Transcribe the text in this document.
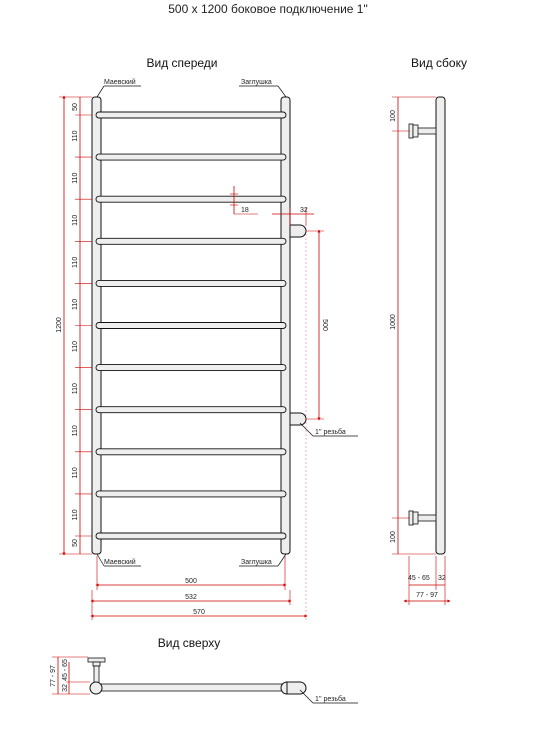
500 x 1200 боковое подключение 1"
Вид спереди
Маевский	Заглушка
Маевский	Заглушка
1200
50
50
110
110
110
110
110
110
110
110
110
110
18	32
500
1'' резьба
500
532
570
Вид сбоку
100
1000
100
45 - 65 32
77 - 97
Вид сверху
77 - 97
32
45 - 65
1'' резьба
